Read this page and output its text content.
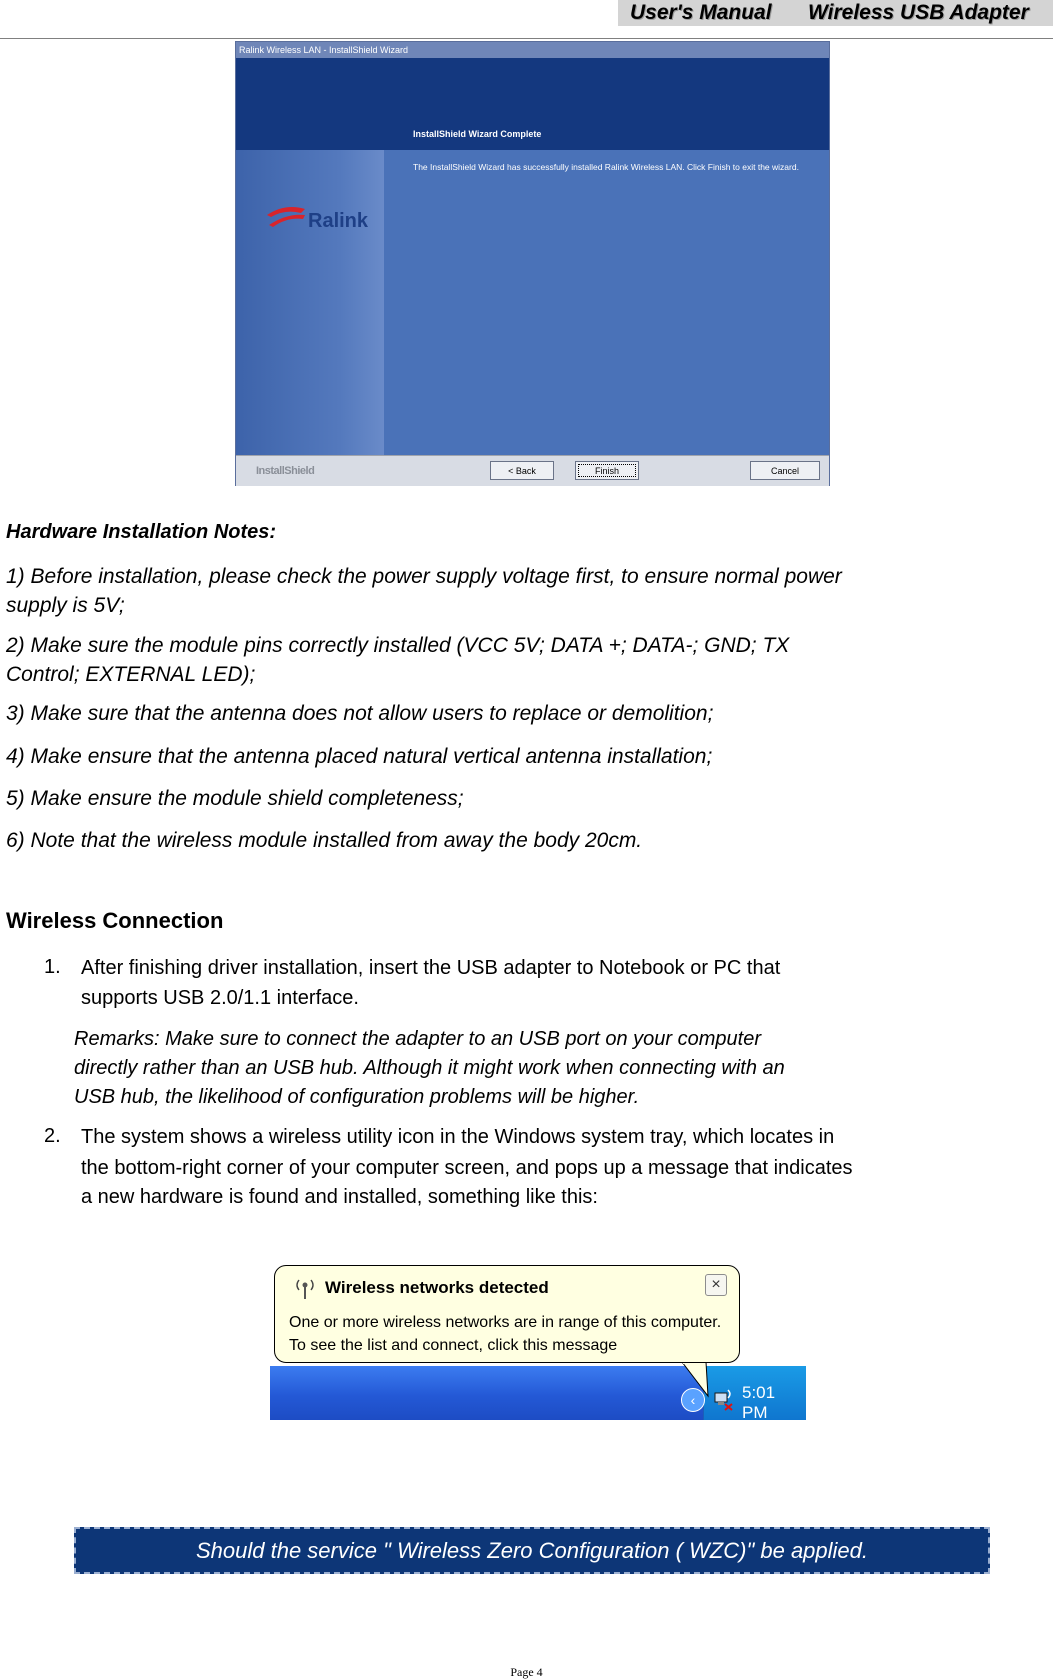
User's Manual Wireless USB Adapter
Ralink Wireless LAN - InstallShield Wizard
Ralink
InstallShield Wizard Complete
The InstallShield Wizard has successfully installed Ralink Wireless LAN. Click Finish to exit the wizard.
InstallShield	< Back	Finish	Cancel
Hardware Installation Notes:
1) Before installation, please check the power supply voltage first, to ensure normal power
supply is 5V;
2) Make sure the module pins correctly installed (VCC 5V; DATA +; DATA-; GND; TX
Control; EXTERNAL LED);
3) Make sure that the antenna does not allow users to replace or demolition;
4) Make ensure that the antenna placed natural vertical antenna installation;
5) Make ensure the module shield completeness;
6) Note that the wireless module installed from away the body 20cm.
Wireless Connection
1. After finishing driver installation, insert the USB adapter to Notebook or PC that
supports USB 2.0/1.1 interface.
Remarks: Make sure to connect the adapter to an USB port on your computer
directly rather than an USB hub. Although it might work when connecting with an
USB hub, the likelihood of configuration problems will be higher.
2. The system shows a wireless utility icon in the Windows system tray, which locates in
the bottom-right corner of your computer screen, and pops up a message that indicates
a new hardware is found and installed, something like this:
‹	5:01 PM
Wireless networks detected	×
One or more wireless networks are in range of this computer.
To see the list and connect, click this message
Should the service " Wireless Zero Configuration ( WZC)" be applied.
Page 4
